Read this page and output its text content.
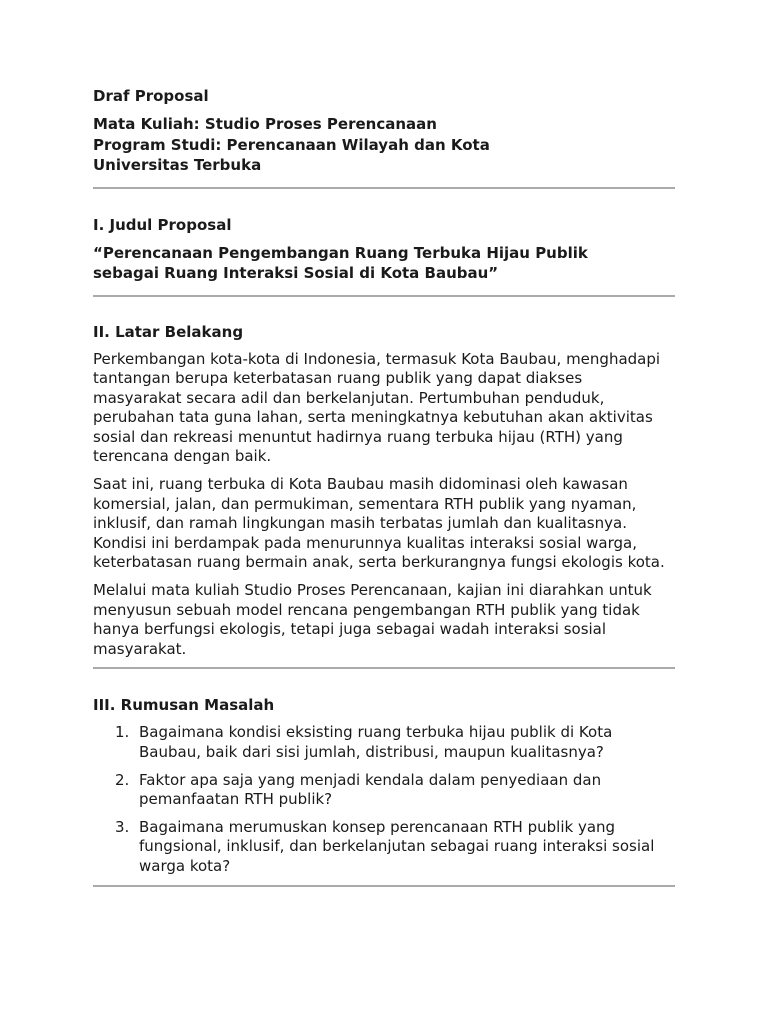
Draf Proposal

Mata Kuliah: Studio Proses Perencanaan

Program Studi: Perencanaan Wilayah dan Kota

Universitas Terbuka

I. Judul Proposal

“Perencanaan Pengembangan Ruang Terbuka Hijau Publik

sebagai Ruang Interaksi Sosial di Kota Baubau”

II. Latar Belakang

Perkembangan kota-kota di Indonesia, termasuk Kota Baubau, menghadapi tantangan berupa keterbatasan ruang publik yang dapat diakses masyarakat secara adil dan berkelanjutan. Pertumbuhan penduduk, perubahan tata guna lahan, serta meningkatnya kebutuhan akan aktivitas sosial dan rekreasi menuntut hadirnya ruang terbuka hijau (RTH) yang terencana dengan baik.

Saat ini, ruang terbuka di Kota Baubau masih didominasi oleh kawasan komersial, jalan, dan permukiman, sementara RTH publik yang nyaman, inklusif, dan ramah lingkungan masih terbatas jumlah dan kualitasnya. Kondisi ini berdampak pada menurunnya kualitas interaksi sosial warga, keterbatasan ruang bermain anak, serta berkurangnya fungsi ekologis kota.

Melalui mata kuliah Studio Proses Perencanaan, kajian ini diarahkan untuk menyusun sebuah model rencana pengembangan RTH publik yang tidak hanya berfungsi ekologis, tetapi juga sebagai wadah interaksi sosial masyarakat.

III. Rumusan Masalah

1. Bagaimana kondisi eksisting ruang terbuka hijau publik di Kota Baubau, baik dari sisi jumlah, distribusi, maupun kualitasnya?
2. Faktor apa saja yang menjadi kendala dalam penyediaan dan pemanfaatan RTH publik?
3. Bagaimana merumuskan konsep perencanaan RTH publik yang fungsional, inklusif, dan berkelanjutan sebagai ruang interaksi sosial warga kota?
